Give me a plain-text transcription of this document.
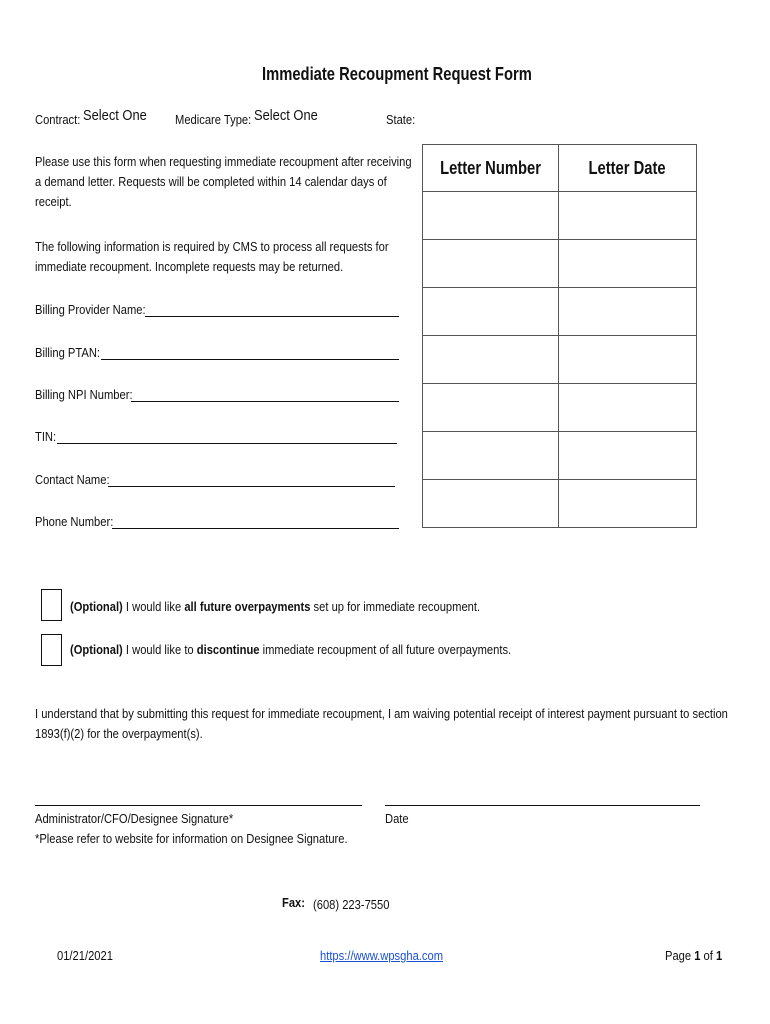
Immediate Recoupment Request Form
Contract: Select One Medicare Type: Select One	State:
Please use this form when requesting immediate recoupment after receiving
a demand letter. Requests will be completed within 14 calendar days of
receipt.
The following information is required by CMS to process all requests for
immediate recoupment. Incomplete requests may be returned.
Billing Provider Name:
Billing PTAN:
Billing NPI Number:
TIN:
Contact Name:
Phone Number:
Letter Number	Letter Date

(Optional) I would like all future overpayments set up for immediate recoupment.
(Optional) I would like to discontinue immediate recoupment of all future overpayments.
I understand that by submitting this request for immediate recoupment, I am waiving potential receipt of interest payment pursuant to section
1893(f)(2) for the overpayment(s).
Administrator/CFO/Designee Signature*
*Please refer to website for information on Designee Signature.
Date
Fax: (608) 223-7550
01/21/2021	https://www.wpsgha.com	Page 1 of 1
